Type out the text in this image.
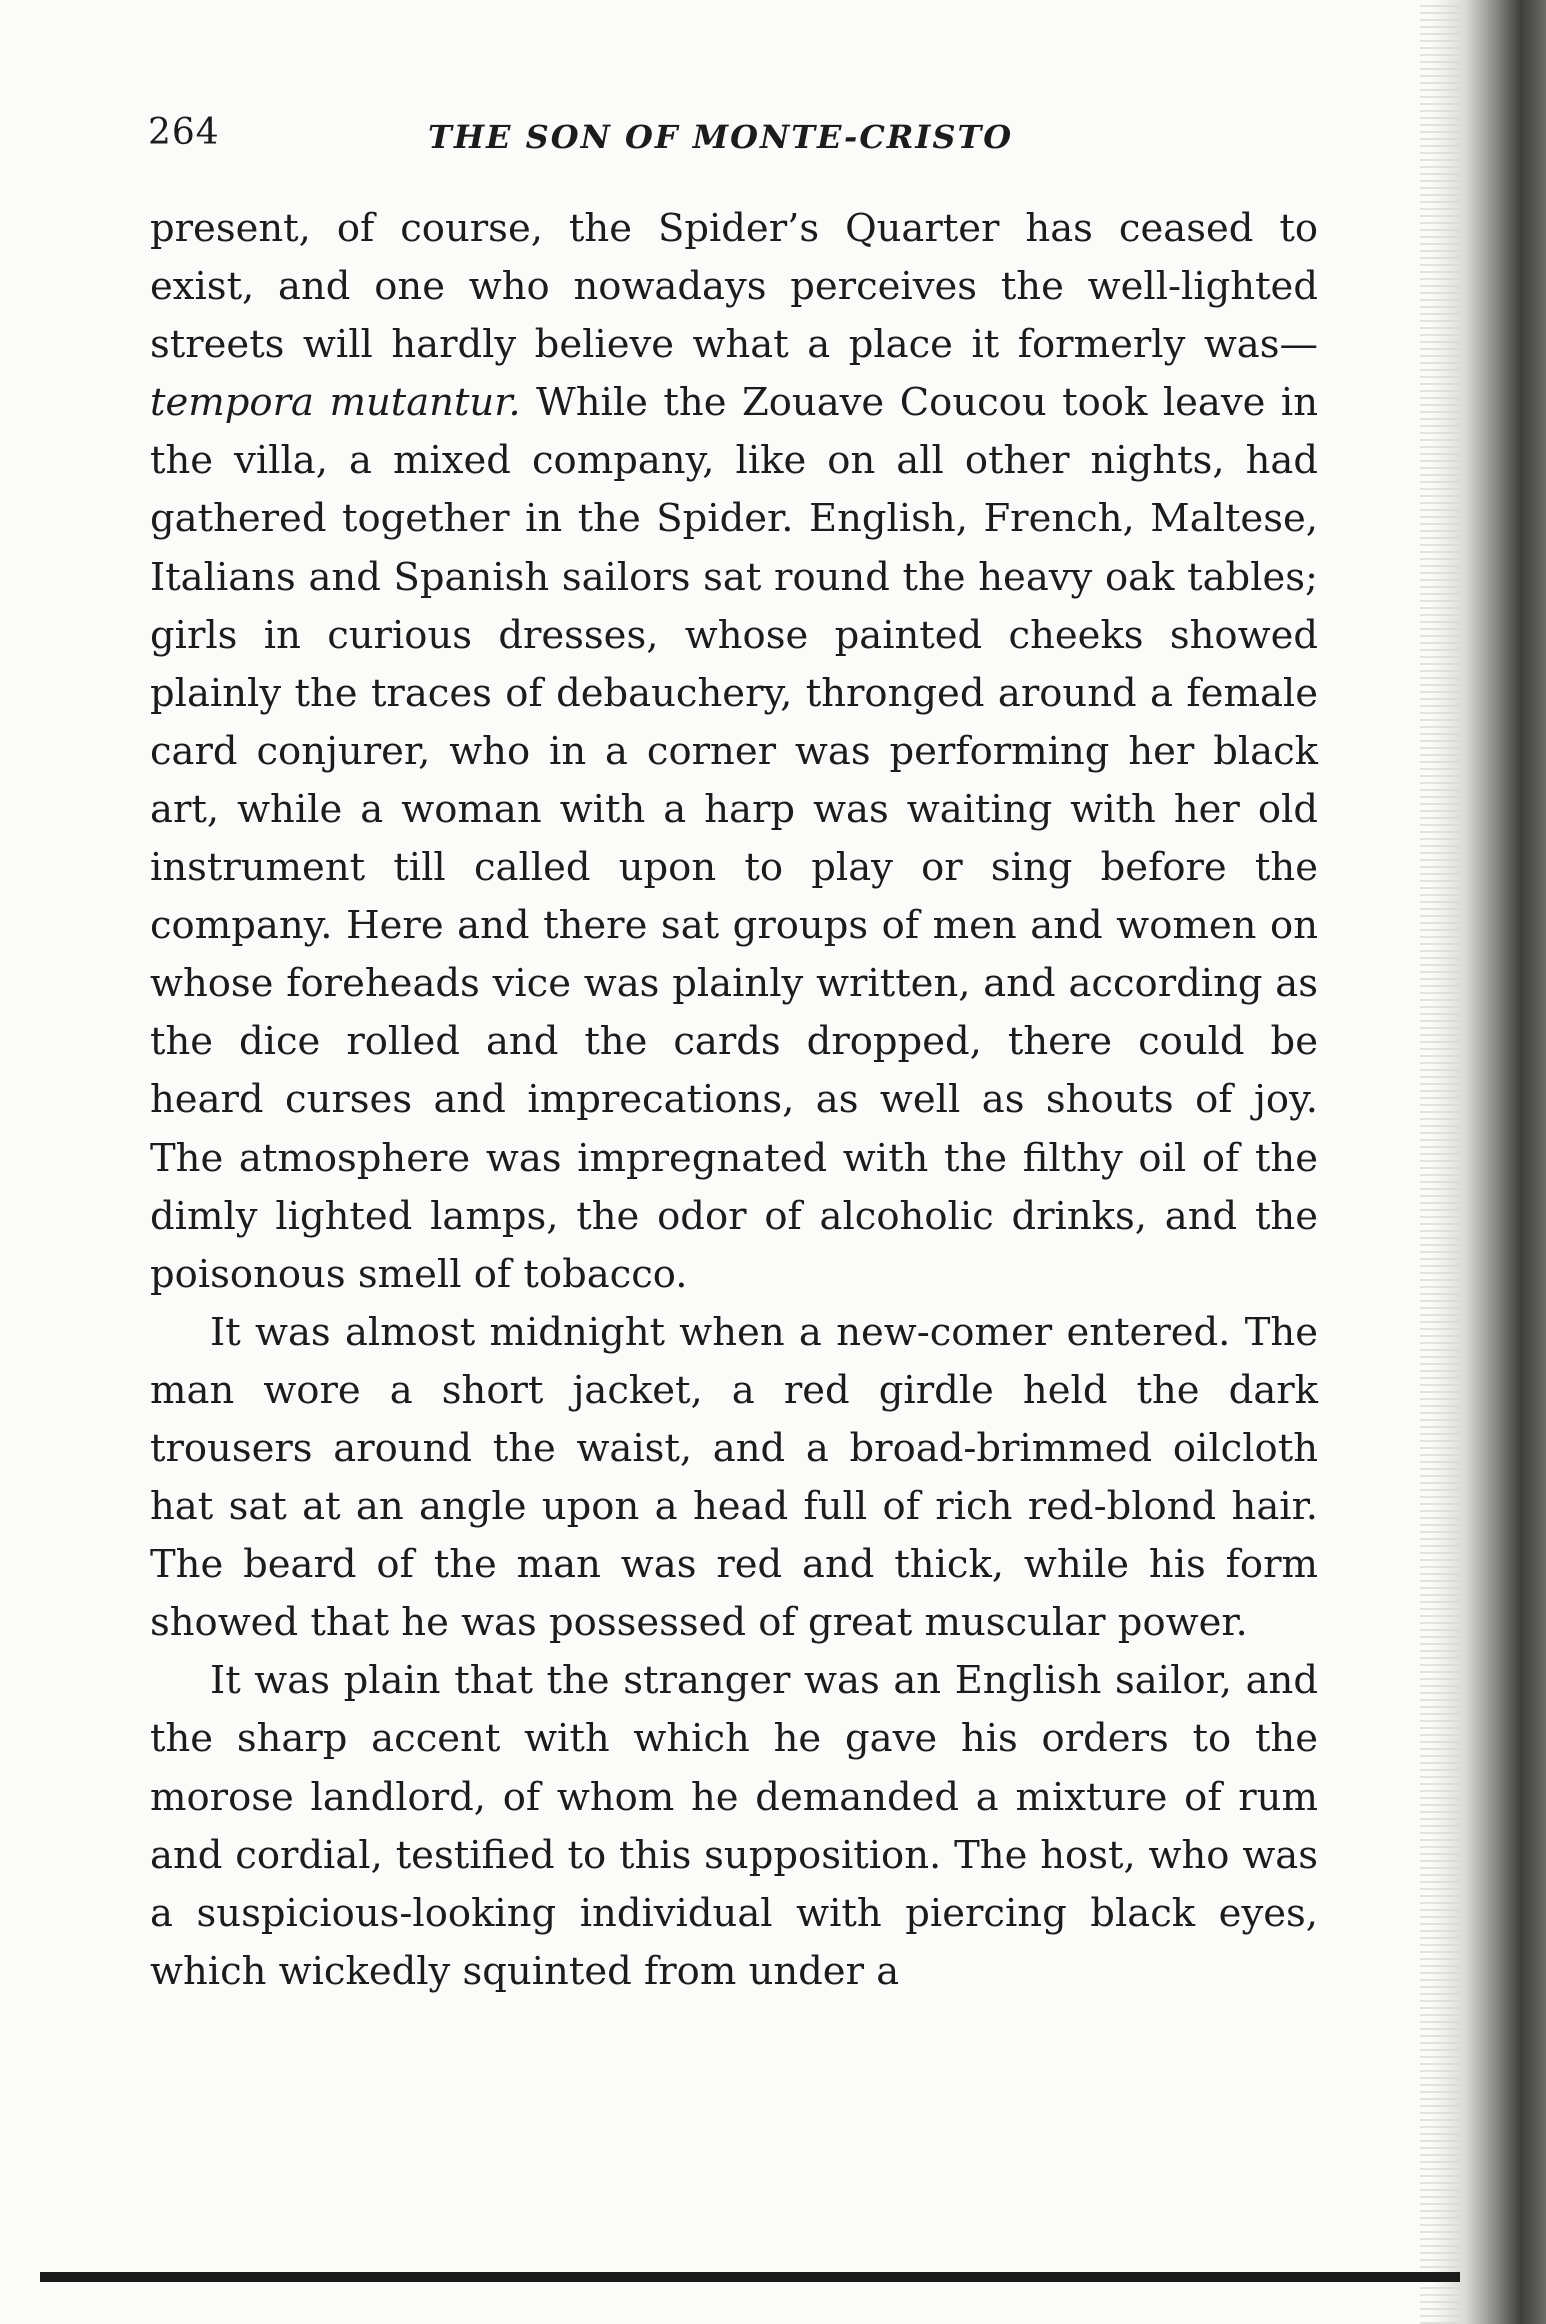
264	THE SON OF MONTE-CRISTO

present, of course, the Spider’s Quarter has ceased to exist, and one who nowadays perceives the well-lighted streets will hardly believe what a place it formerly was—tempora mutantur. While the Zouave Coucou took leave in the villa, a mixed company, like on all other nights, had gathered together in the Spider. English, French, Maltese, Italians and Spanish sailors sat round the heavy oak tables; girls in curious dresses, whose painted cheeks showed plainly the traces of debauchery, thronged around a female card conjurer, who in a corner was performing her black art, while a woman with a harp was waiting with her old instrument till called upon to play or sing before the company. Here and there sat groups of men and women on whose foreheads vice was plainly written, and according as the dice rolled and the cards dropped, there could be heard curses and imprecations, as well as shouts of joy. The atmosphere was impregnated with the filthy oil of the dimly lighted lamps, the odor of alcoholic drinks, and the poisonous smell of tobacco.

It was almost midnight when a new-comer entered. The man wore a short jacket, a red girdle held the dark trousers around the waist, and a broad-brimmed oilcloth hat sat at an angle upon a head full of rich red-blond hair. The beard of the man was red and thick, while his form showed that he was possessed of great muscular power.

It was plain that the stranger was an English sailor, and the sharp accent with which he gave his orders to the morose landlord, of whom he demanded a mixture of rum and cordial, testified to this supposition. The host, who was a suspicious-looking individual with piercing black eyes, which wickedly squinted from under a
